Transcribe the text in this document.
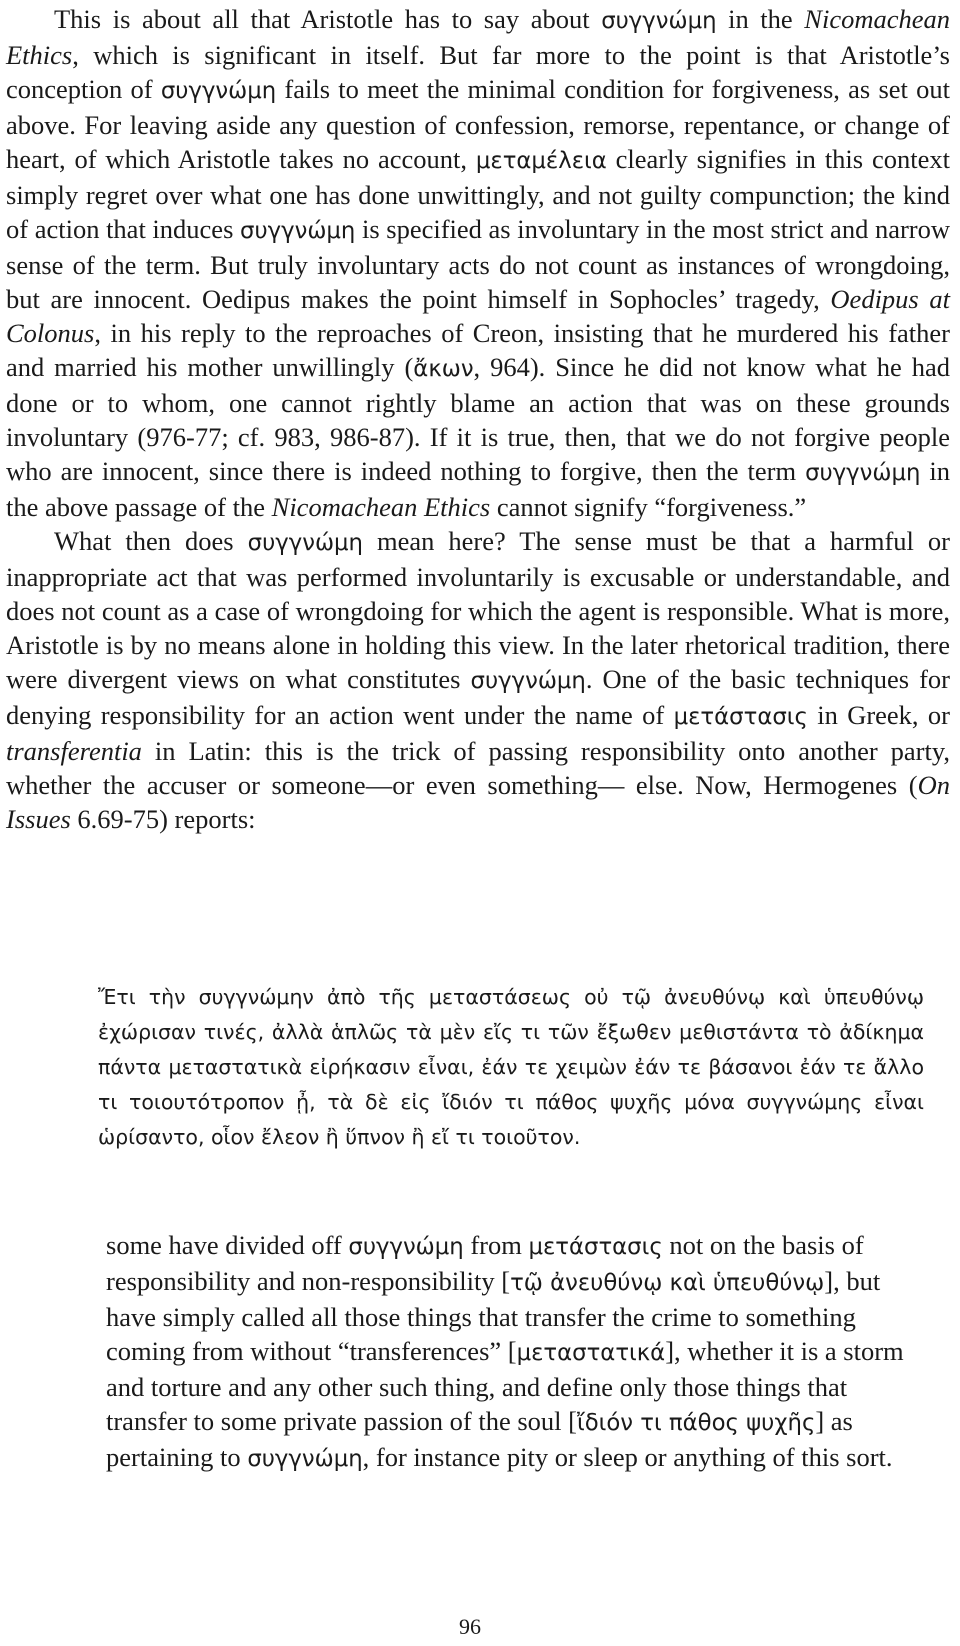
This is about all that Aristotle has to say about συγγνώμη in the Nicomachean Ethics, which is significant in itself. But far more to the point is that Aristotle’s conception of συγγνώμη fails to meet the minimal condition for forgiveness, as set out above. For leaving aside any question of confession, remorse, repentance, or change of heart, of which Aristotle takes no account, μεταμέλεια clearly signifies in this context simply regret over what one has done unwittingly, and not guilty compunction; the kind of action that induces συγγνώμη is specified as involuntary in the most strict and narrow sense of the term. But truly involuntary acts do not count as instances of wrongdoing, but are innocent. Oedipus makes the point himself in Sophocles’ tragedy, Oedipus at Colonus, in his reply to the reproaches of Creon, insisting that he murdered his father and married his mother unwillingly (ἄκων, 964). Since he did not know what he had done or to whom, one cannot rightly blame an action that was on these grounds involuntary (976-77; cf. 983, 986-87). If it is true, then, that we do not forgive people who are innocent, since there is indeed nothing to forgive, then the term συγγνώμη in the above passage of the Nicomachean Ethics cannot signify “forgiveness.”

What then does συγγνώμη mean here? The sense must be that a harmful or inappropriate act that was performed involuntarily is excusable or understandable, and does not count as a case of wrongdoing for which the agent is responsible. What is more, Aristotle is by no means alone in holding this view. In the later rhetorical tradition, there were divergent views on what constitutes συγγνώμη. One of the basic techniques for denying responsibility for an action went under the name of μετάστασις in Greek, or transferentia in Latin: this is the trick of passing responsibility onto another party, whether the accuser or someone—or even something— else. Now, Hermogenes (On Issues 6.69-75) reports:

Ἔτι τὴν συγγνώμην ἀπὸ τῆς μεταστάσεως οὐ τῷ ἀνευθύνῳ καὶ ὑπευθύνῳ ἐχώρισαν τινές, ἀλλὰ ἁπλῶς τὰ μὲν εἴς τι τῶν ἔξωθεν μεθιστάντα τὸ ἀδίκημα πάντα μεταστατικὰ εἰρήκασιν εἶναι, ἐάν τε χειμὼν ἐάν τε βάσανοι ἐάν τε ἄλλο τι τοιουτότροπον ᾖ, τὰ δὲ εἰς ἴδιόν τι πάθος ψυχῆς μόνα συγγνώμης εἶναι ὡρίσαντο, οἷον ἔλεον ἢ ὕπνον ἢ εἴ τι τοιοῦτον.

some have divided off συγγνώμη from μετάστασις not on the basis of responsibility and non-responsibility [τῷ ἀνευθύνῳ καὶ ὑπευθύνῳ], but have simply called all those things that transfer the crime to something coming from without “transferences” [μεταστατικά], whether it is a storm and torture and any other such thing, and define only those things that transfer to some private passion of the soul [ἴδιόν τι πάθος ψυχῆς] as pertaining to συγγνώμη, for instance pity or sleep or anything of this sort.

96
